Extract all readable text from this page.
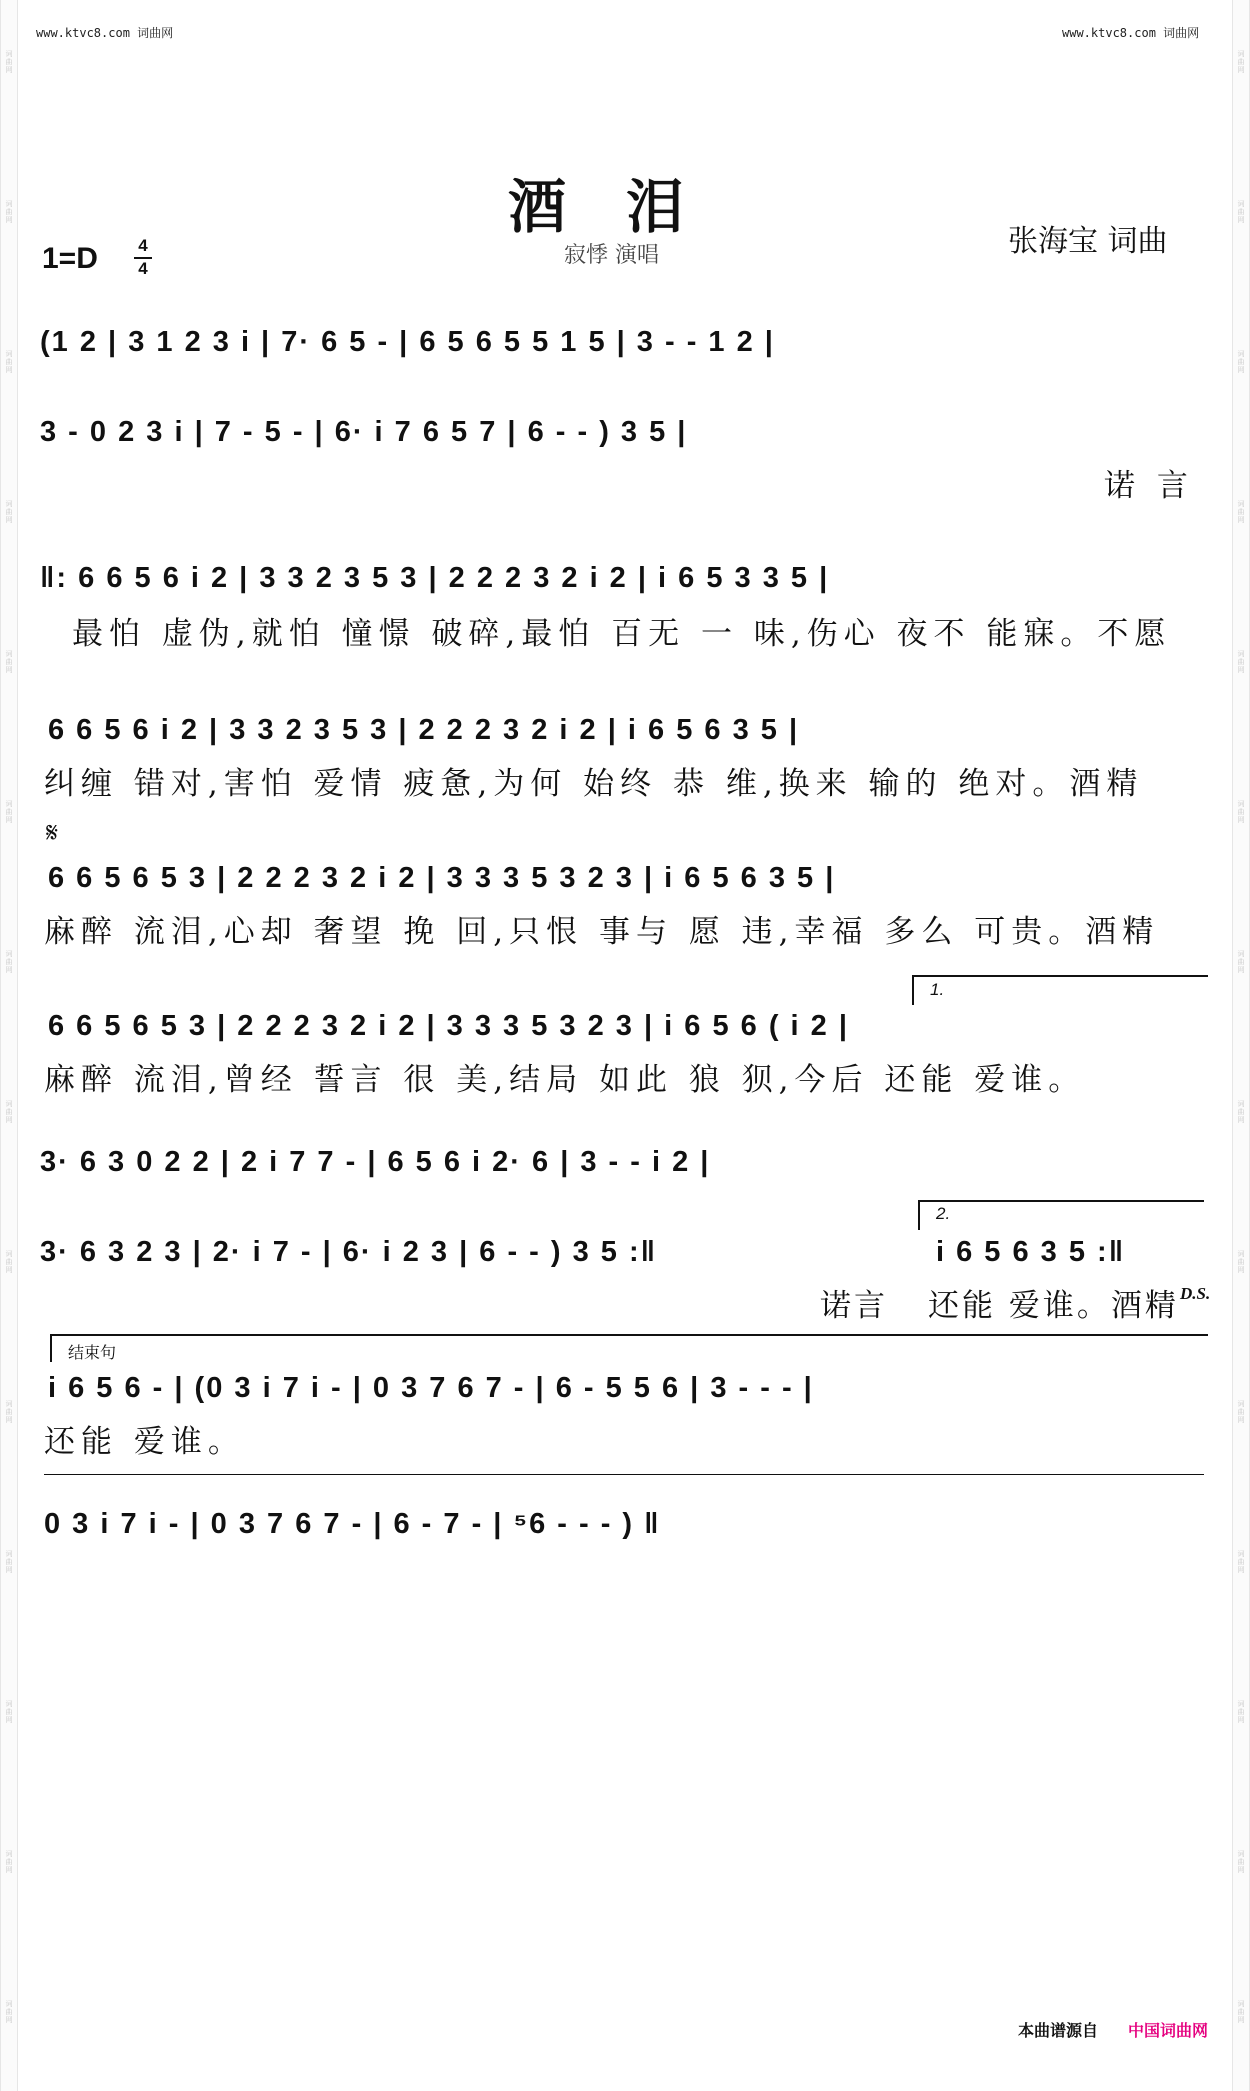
词
曲
网
词
曲
网
词
曲
网
词
曲
网
词
曲
网
词
曲
网
词
曲
网
词
曲
网
词
曲
网
词
曲
网
词
曲
网
词
曲
网
词
曲
网
词
曲
网
词
曲
网
词
曲
网
词
曲
网
词
曲
网
词
曲
网
词
曲
网
词
曲
网
词
曲
网
词
曲
网
词
曲
网
词
曲
网
词
曲
网
词
曲
网
词
曲
网
www.ktvc8.com 词曲网	www.ktvc8.com 词曲网
酒泪
寂悸 演唱	张海宝 词曲
1=D 4
4
(1 2 | 3 1 2 3 i | 7· 6 5 - | 6 5 6 5 5 1 5 | 3 - - 1 2 |
3 - 0 2 3 i | 7 - 5 - | 6· i 7 6 5 7 | 6 - - ) 3 5 |
诺 言
‖: 6 6 5 6 i 2 | 3 3 2 3 5 3 | 2 2 2 3 2 i 2 | i 6 5 3 3 5 |
最怕 虚伪,就怕 憧憬 破碎,最怕 百无 一 味,伤心 夜不 能寐。不愿
6 6 5 6 i 2 | 3 3 2 3 5 3 | 2 2 2 3 2 i 2 | i 6 5 6 3 5 |
纠缠 错对,害怕 爱情 疲惫,为何 始终 恭 维,换来 输的 绝对。酒精
𝄋
6 6 5 6 5 3 | 2 2 2 3 2 i 2 | 3 3 3 5 3 2 3 | i 6 5 6 3 5 |
麻醉 流泪,心却 奢望 挽 回,只恨 事与 愿 违,幸福 多么 可贵。酒精
1.
6 6 5 6 5 3 | 2 2 2 3 2 i 2 | 3 3 3 5 3 2 3 | i 6 5 6 ( i 2 |
麻醉 流泪,曾经 誓言 很 美,结局 如此 狼 狈,今后 还能 爱谁。
3· 6 3 0 2 2 | 2 i 7 7 - | 6 5 6 i 2· 6 | 3 - - i 2 |
2.
3· 6 3 2 3 | 2· i 7 - | 6· i 2 3 | 6 - - ) 3 5 :‖	i 6 5 6 3 5 :‖
诺言 还能 爱谁。酒精 D.S.
结束句
i 6 5 6 - | (0 3 i 7 i - | 0 3 7 6 7 - | 6 - 5 5 6 | 3 - - - |
还能 爱谁。
0 3 i 7 i - | 0 3 7 6 7 - | 6 - 7 - | ⁵6 - - - ) ‖
本曲谱源自 中国词曲网
